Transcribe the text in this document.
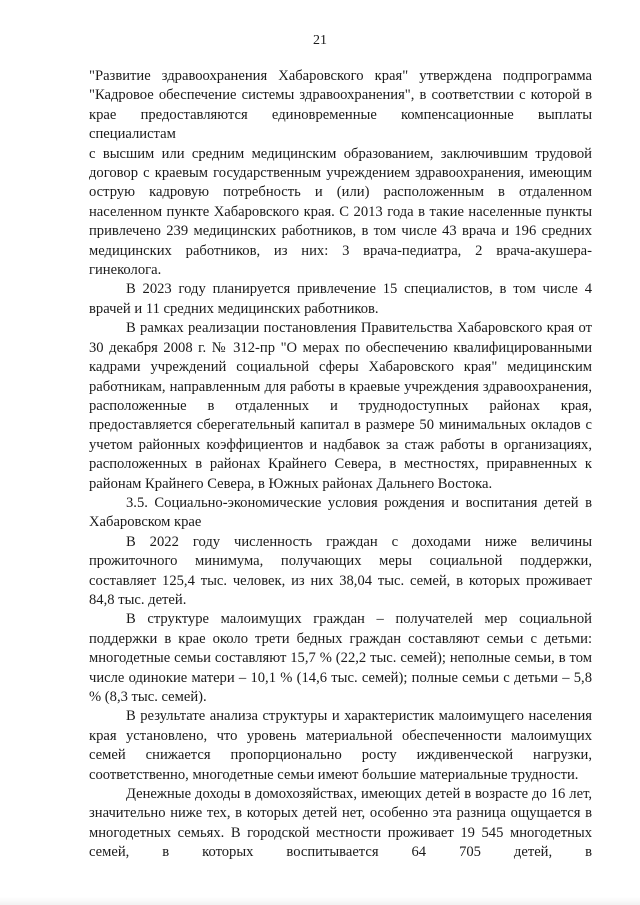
21

"Развитие здравоохранения Хабаровского края" утверждена подпрограмма "Кадровое обеспечение системы здравоохранения", в соответствии с которой в крае предоставляются единовременные компенсационные выплаты специалистам

с высшим или средним медицинским образованием, заключившим трудовой договор с краевым государственным учреждением здравоохранения, имеющим острую кадровую потребность и (или) расположенным в отдаленном населенном пункте Хабаровского края. С 2013 года в такие населенные пункты привлечено 239 медицинских работников, в том числе 43 врача и 196 средних медицинских работников, из них: 3 врача-педиатра, 2 врача-акушера-гинеколога.

В 2023 году планируется привлечение 15 специалистов, в том числе 4 врачей и 11 средних медицинских работников.

В рамках реализации постановления Правительства Хабаровского края от 30 декабря 2008 г. № 312-пр "О мерах по обеспечению квалифицированными кадрами учреждений социальной сферы Хабаровского края" медицинским работникам, направленным для работы в краевые учреждения здравоохранения, расположенные в отдаленных и труднодоступных районах края, предоставляется сберегательный капитал в размере 50 минимальных окладов с учетом районных коэффициентов и надбавок за стаж работы в организациях, расположенных в районах Крайнего Севера, в местностях, приравненных к районам Крайнего Севера, в Южных районах Дальнего Востока.

3.5. Социально-экономические условия рождения и воспитания детей в Хабаровском крае

В 2022 году численность граждан с доходами ниже величины прожиточного минимума, получающих меры социальной поддержки, составляет 125,4 тыс. человек, из них 38,04 тыс. семей, в которых проживает 84,8 тыс. детей.

В структуре малоимущих граждан – получателей мер социальной поддержки в крае около трети бедных граждан составляют семьи с детьми: многодетные семьи составляют 15,7 % (22,2 тыс. семей); неполные семьи, в том числе одинокие матери – 10,1 % (14,6 тыс. семей); полные семьи с детьми – 5,8 % (8,3 тыс. семей).

В результате анализа структуры и характеристик малоимущего населения края установлено, что уровень материальной обеспеченности малоимущих семей снижается пропорционально росту иждивенческой нагрузки, соответственно, многодетные семьи имеют большие материальные трудности.

Денежные доходы в домохозяйствах, имеющих детей в возрасте до 16 лет, значительно ниже тех, в которых детей нет, особенно эта разница ощущается в многодетных семьях. В городской местности проживает 19 545 многодетных семей, в которых воспитывается 64 705 детей, в
